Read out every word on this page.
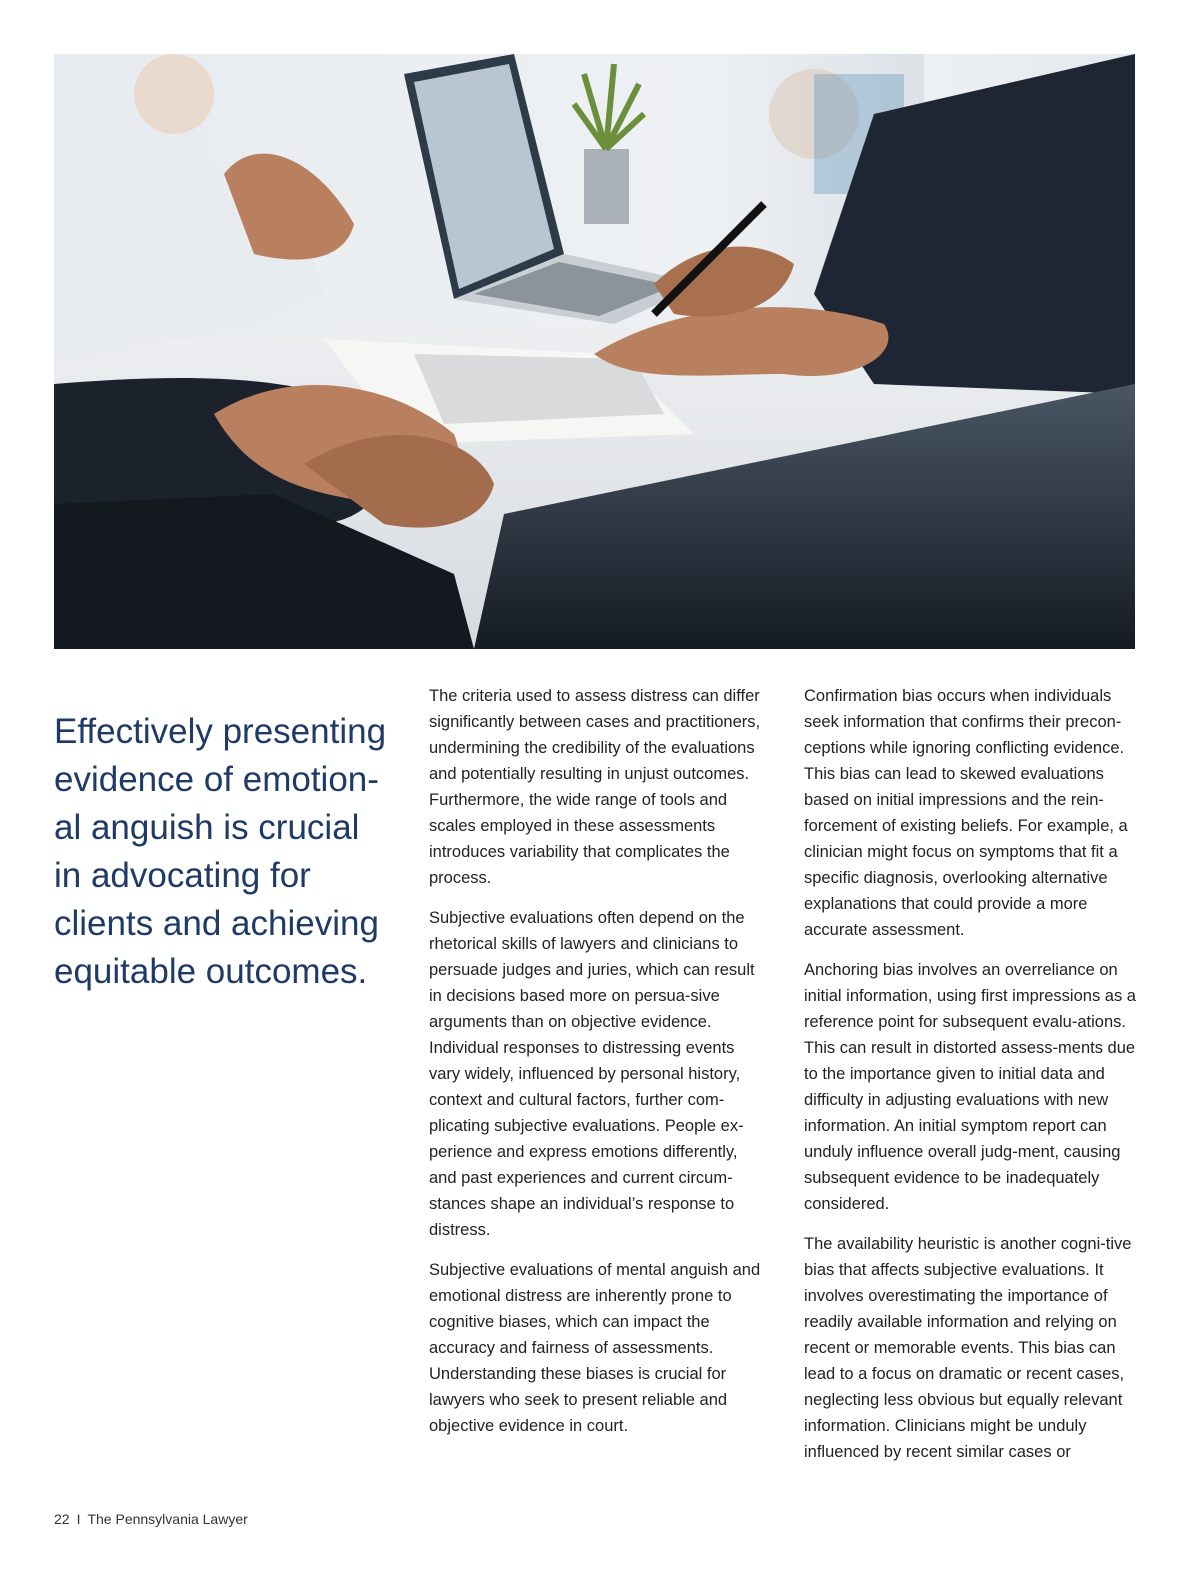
Effectively presenting evidence of emotion-al anguish is crucial in advocating for clients and achieving equitable outcomes.

The criteria used to assess distress can differ significantly between cases and practitioners, undermining the credibility of the evaluations and potentially resulting in unjust outcomes. Furthermore, the wide range of tools and scales employed in these assessments introduces variability that complicates the process.

Subjective evaluations often depend on the rhetorical skills of lawyers and clinicians to persuade judges and juries, which can result in decisions based more on persua-sive arguments than on objective evidence. Individual responses to distressing events vary widely, influenced by personal history, context and cultural factors, further com-plicating subjective evaluations. People ex-perience and express emotions differently, and past experiences and current circum-stances shape an individual’s response to distress.

Subjective evaluations of mental anguish and emotional distress are inherently prone to cognitive biases, which can impact the accuracy and fairness of assessments. Understanding these biases is crucial for lawyers who seek to present reliable and objective evidence in court.

Confirmation bias occurs when individuals seek information that confirms their precon-ceptions while ignoring conflicting evidence. This bias can lead to skewed evaluations based on initial impressions and the rein-forcement of existing beliefs. For example, a clinician might focus on symptoms that fit a specific diagnosis, overlooking alternative explanations that could provide a more accurate assessment.

Anchoring bias involves an overreliance on initial information, using first impressions as a reference point for subsequent evalu-ations. This can result in distorted assess-ments due to the importance given to initial data and difficulty in adjusting evaluations with new information. An initial symptom report can unduly influence overall judg-ment, causing subsequent evidence to be inadequately considered.

The availability heuristic is another cogni-tive bias that affects subjective evaluations. It involves overestimating the importance of readily available information and relying on recent or memorable events. This bias can lead to a focus on dramatic or recent cases, neglecting less obvious but equally relevant information. Clinicians might be unduly influenced by recent similar cases or

22 I The Pennsylvania Lawyer
